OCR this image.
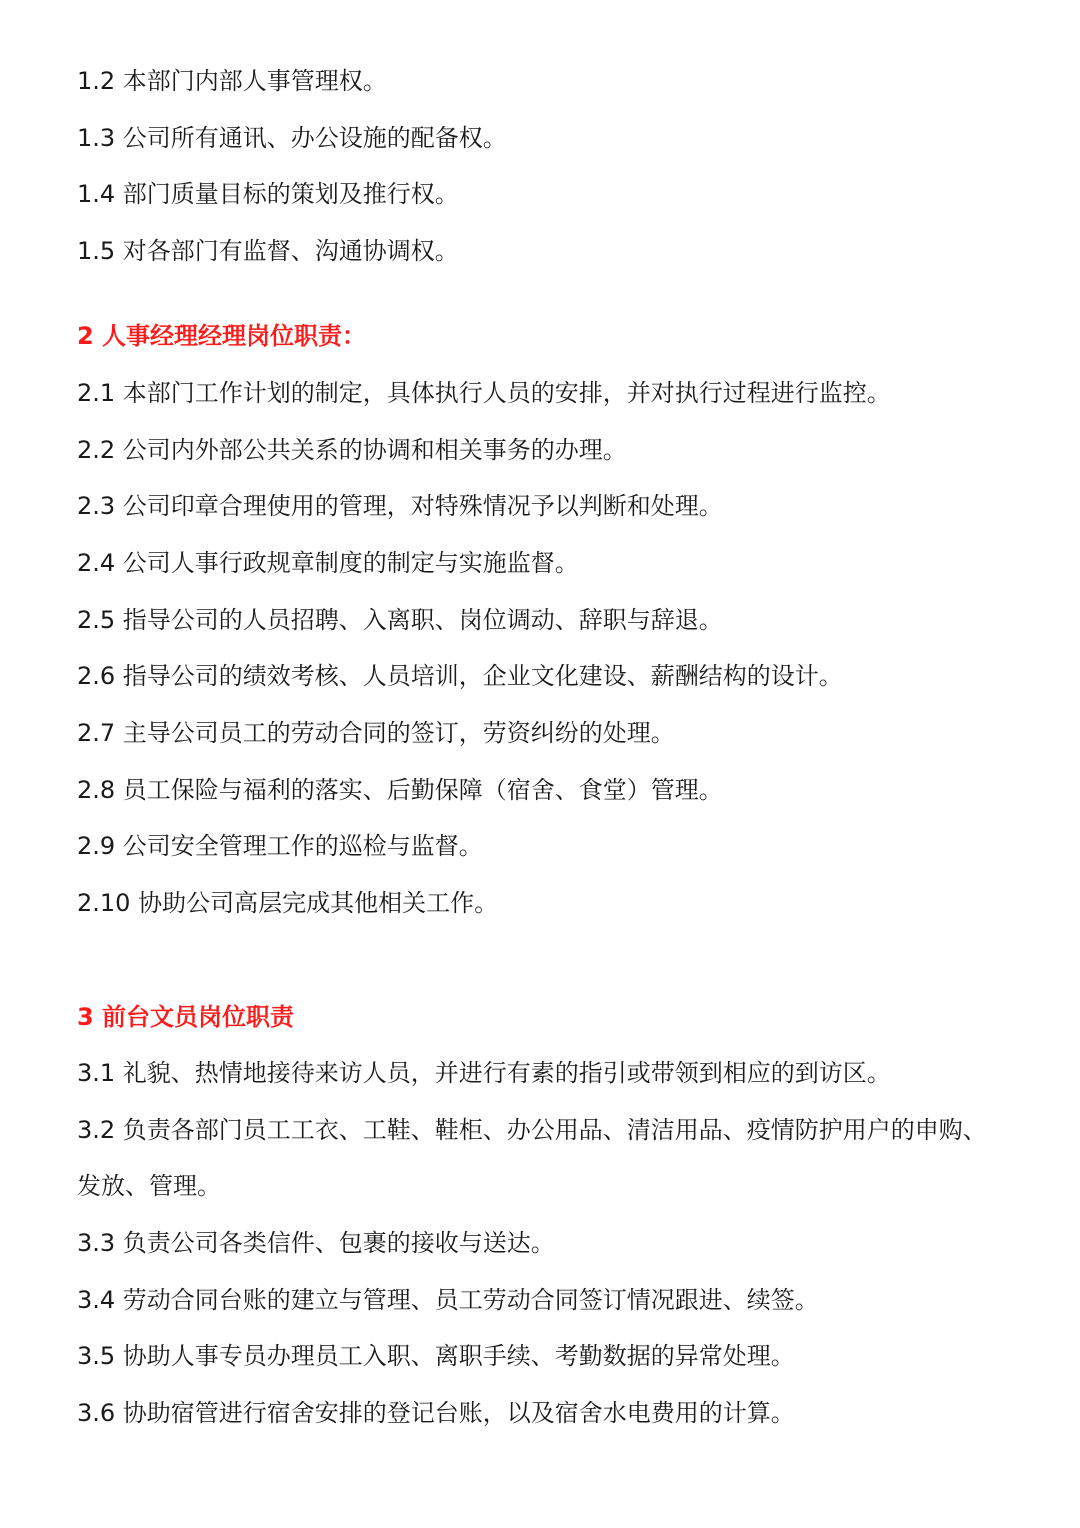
1.2 本部门内部人事管理权。
1.3 公司所有通讯、办公设施的配备权。
1.4 部门质量目标的策划及推行权。
1.5 对各部门有监督、沟通协调权。
2 人事经理经理岗位职责：
2.1 本部门工作计划的制定，具体执行人员的安排，并对执行过程进行监控。
2.2 公司内外部公共关系的协调和相关事务的办理。
2.3 公司印章合理使用的管理，对特殊情况予以判断和处理。
2.4 公司人事行政规章制度的制定与实施监督。
2.5 指导公司的人员招聘、入离职、岗位调动、辞职与辞退。
2.6 指导公司的绩效考核、人员培训，企业文化建设、薪酬结构的设计。
2.7 主导公司员工的劳动合同的签订，劳资纠纷的处理。
2.8 员工保险与福利的落实、后勤保障（宿舍、食堂）管理。
2.9 公司安全管理工作的巡检与监督。
2.10 协助公司高层完成其他相关工作。
3 前台文员岗位职责
3.1 礼貌、热情地接待来访人员，并进行有素的指引或带领到相应的到访区。
3.2 负责各部门员工工衣、工鞋、鞋柜、办公用品、清洁用品、疫情防护用户的申购、
发放、管理。
3.3 负责公司各类信件、包裹的接收与送达。
3.4 劳动合同台账的建立与管理、员工劳动合同签订情况跟进、续签。
3.5 协助人事专员办理员工入职、离职手续、考勤数据的异常处理。
3.6 协助宿管进行宿舍安排的登记台账，以及宿舍水电费用的计算。
